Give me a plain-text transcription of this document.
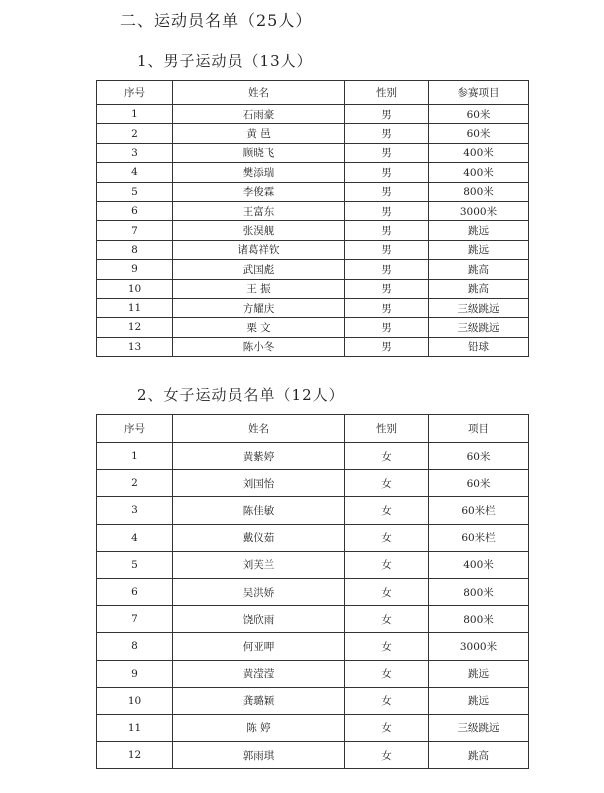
二、运动员名单（25人）
1、男子运动员（13人）
序号	姓名	性别	参赛项目
1	石雨豪	男	60米
2	黄 邑	男	60米
3	顾晓飞	男	400米
4	樊添瑞	男	400米
5	李俊霖	男	800米
6	王富东	男	3000米
7	张淏舰	男	跳远
8	诸葛祥钦	男	跳远
9	武国彪	男	跳高
10	王 振	男	跳高
11	方耀庆	男	三级跳远
12	栗 文	男	三级跳远
13	陈小冬	男	铅球
2、女子运动员名单（12人）
序号	姓名	性别	项目
1	黄紫婷	女	60米
2	刘国怡	女	60米
3	陈佳敏	女	60米栏
4	戴仪茹	女	60米栏
5	刘芙兰	女	400米
6	吴洪娇	女	800米
7	饶欣雨	女	800米
8	何亚呷	女	3000米
9	黄滢滢	女	跳远
10	龚璐颖	女	跳远
11	陈 婷	女	三级跳远
12	郭雨琪	女	跳高
